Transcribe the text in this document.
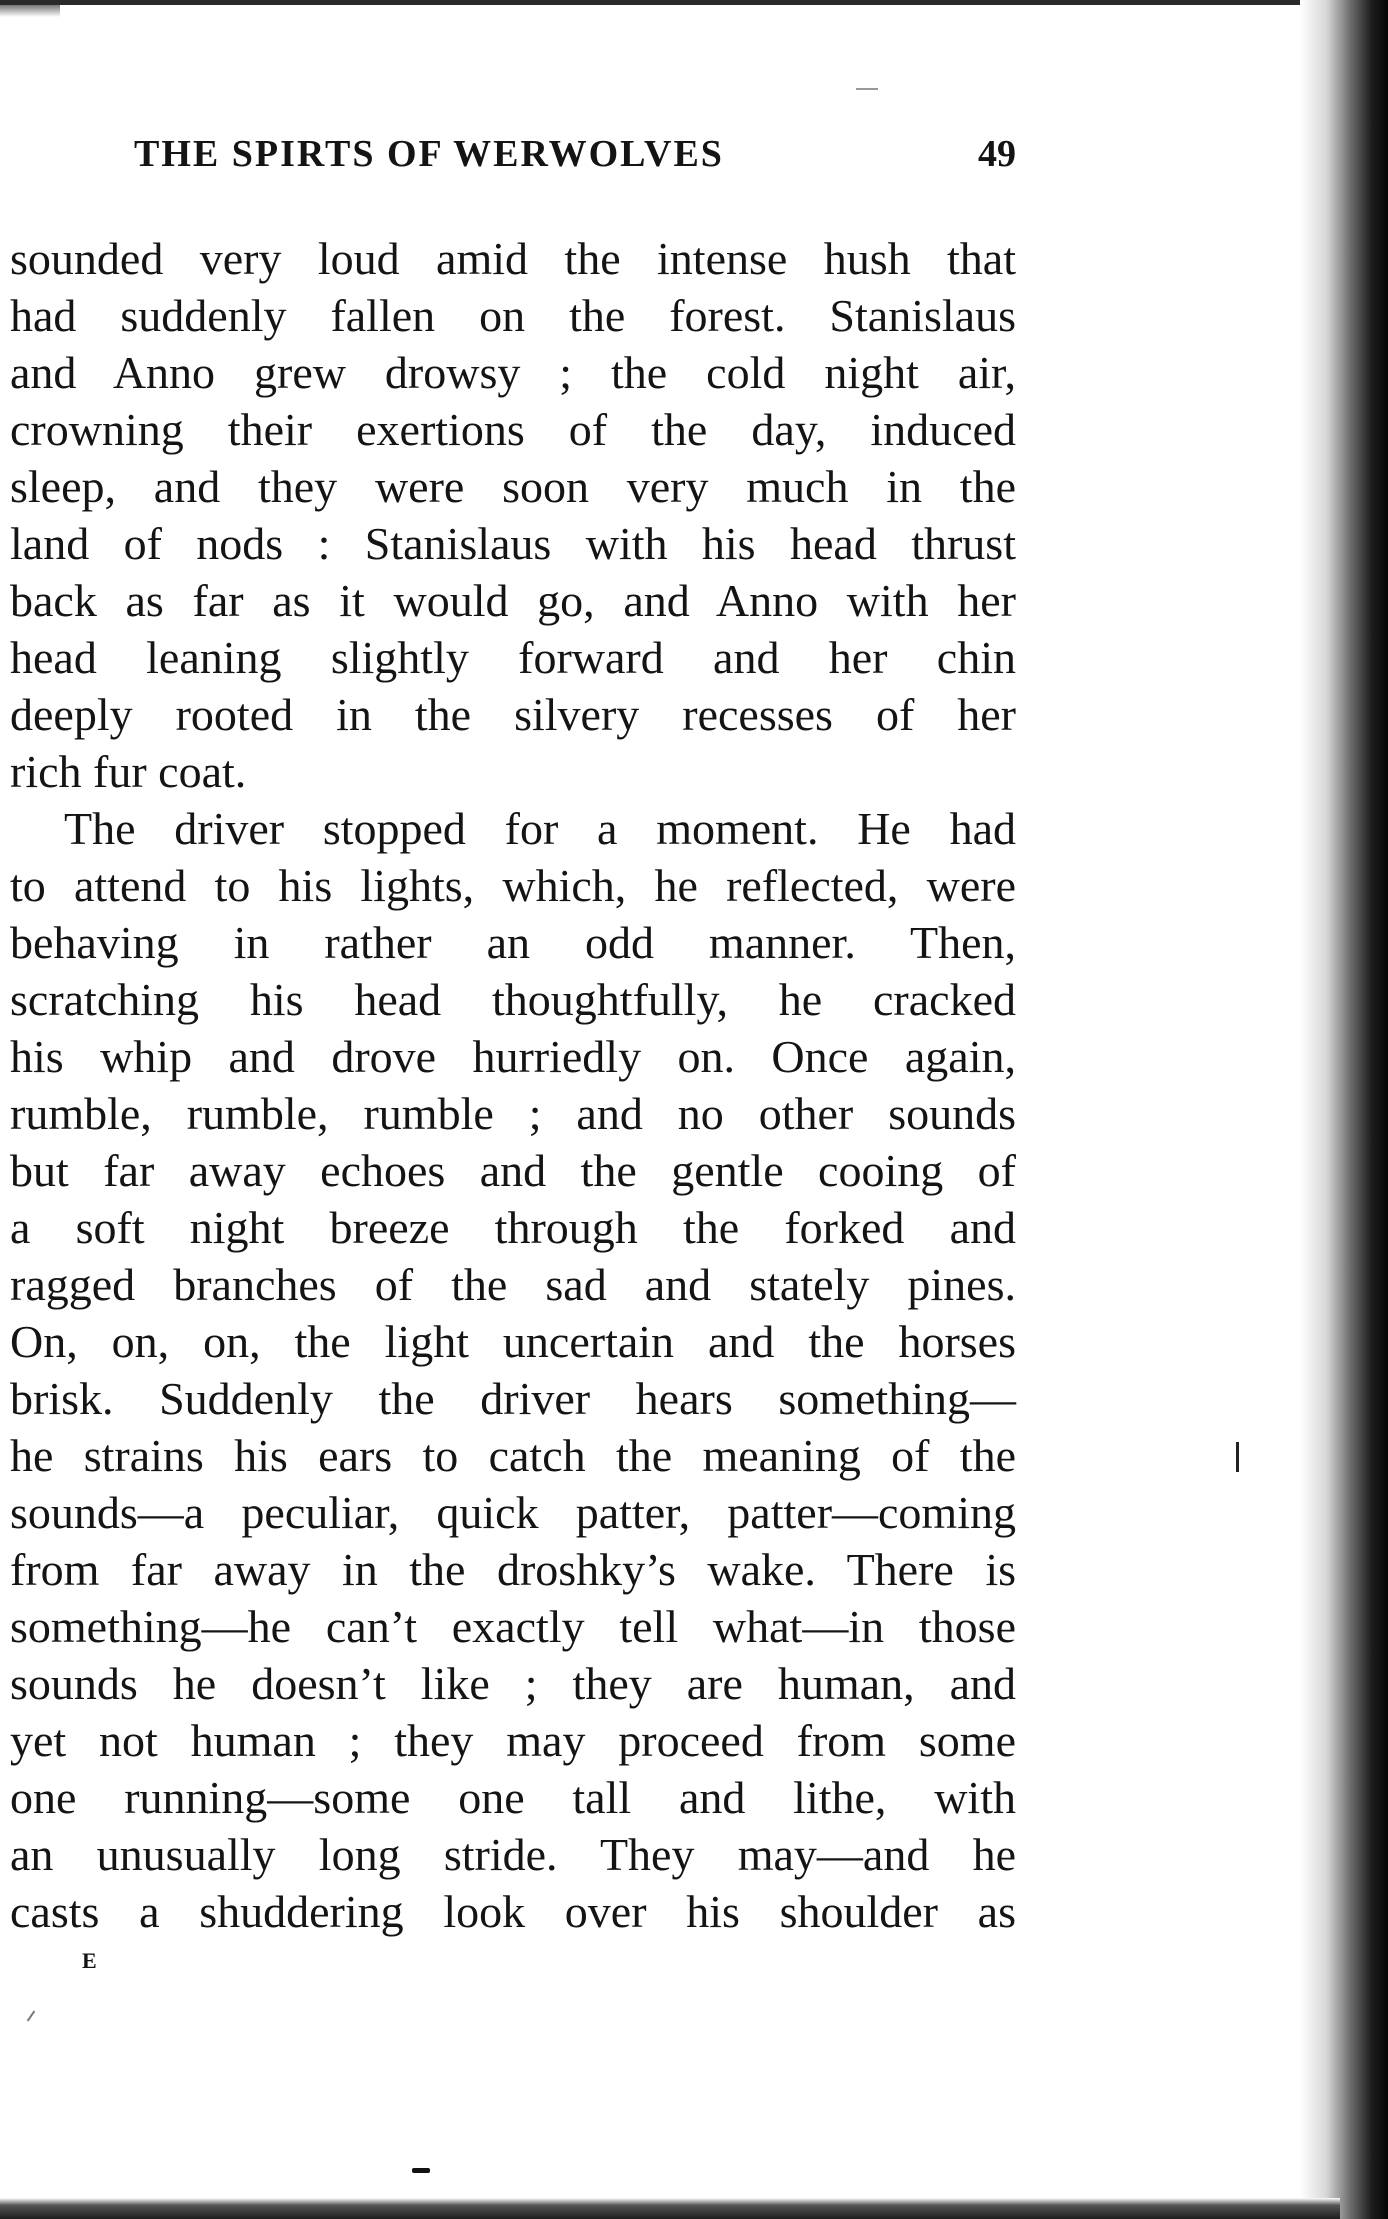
THE SPIRTS OF WERWOLVES	49
sounded very loud amid the intense hush that
had suddenly fallen on the forest. Stanislaus
and Anno grew drowsy ; the cold night air,
crowning their exertions of the day, induced
sleep, and they were soon very much in the
land of nods : Stanislaus with his head thrust
back as far as it would go, and Anno with her
head leaning slightly forward and her chin
deeply rooted in the silvery recesses of her
rich fur coat.
The driver stopped for a moment. He had
to attend to his lights, which, he reflected, were
behaving in rather an odd manner. Then,
scratching his head thoughtfully, he cracked
his whip and drove hurriedly on. Once again,
rumble, rumble, rumble ; and no other sounds
but far away echoes and the gentle cooing of
a soft night breeze through the forked and
ragged branches of the sad and stately pines.
On, on, on, the light uncertain and the horses
brisk. Suddenly the driver hears something—
he strains his ears to catch the meaning of the
sounds—a peculiar, quick patter, patter—coming
from far away in the droshky’s wake. There is
something—he can’t exactly tell what—in those
sounds he doesn’t like ; they are human, and
yet not human ; they may proceed from some
one running—some one tall and lithe, with
an unusually long stride. They may—and he
casts a shuddering look over his shoulder as
E
